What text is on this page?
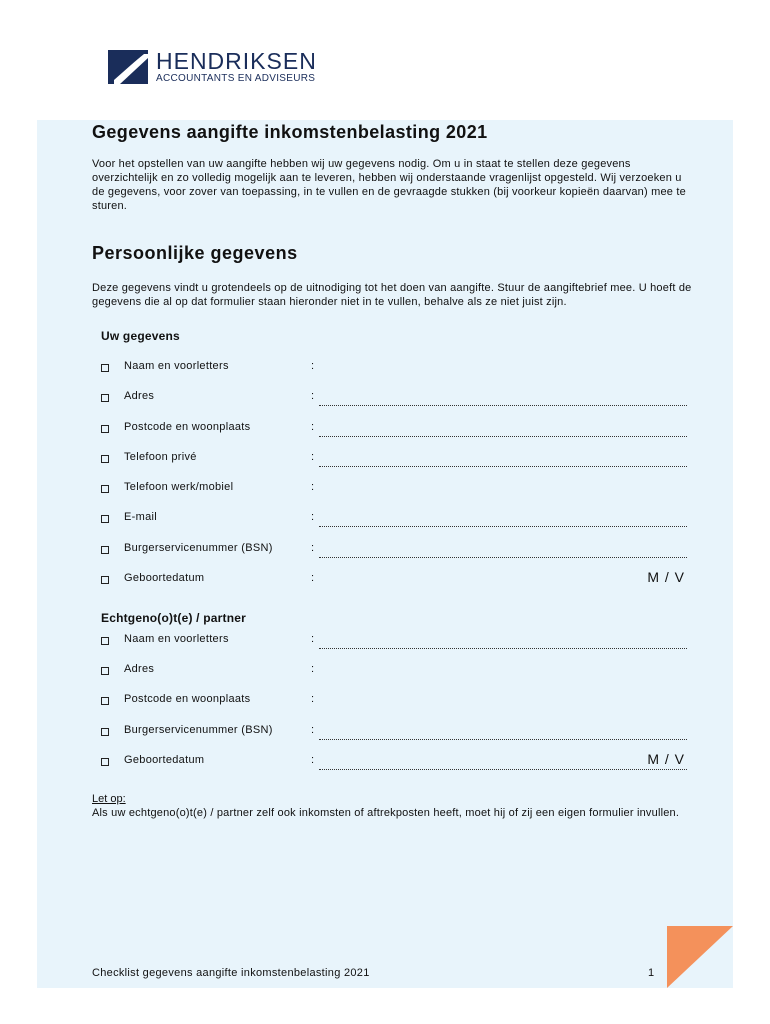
HENDRIKSEN
ACCOUNTANTS EN ADVISEURS
Gegevens aangifte inkomstenbelasting 2021

Voor het opstellen van uw aangifte hebben wij uw gegevens nodig. Om u in staat te stellen deze gegevens overzichtelijk en zo volledig mogelijk aan te leveren, hebben wij onderstaande vragenlijst opgesteld. Wij verzoeken u de gegevens, voor zover van toepassing, in te vullen en de gevraagde stukken (bij voorkeur kopieën daarvan) mee te sturen.

Persoonlijke gegevens

Deze gegevens vindt u grotendeels op de uitnodiging tot het doen van aangifte. Stuur de aangiftebrief mee. U hoeft de gegevens die al op dat formulier staan hieronder niet in te vullen, behalve als ze niet juist zijn.

Uw gegevens
Naam en voorletters	:
Adres	:
Postcode en woonplaats	:
Telefoon privé	:
Telefoon werk/mobiel	:
E-mail	:
Burgerservicenummer (BSN)	:
Geboortedatum	:	M / V
Echtgeno(o)t(e) / partner
Naam en voorletters	:
Adres	:
Postcode en woonplaats	:
Burgerservicenummer (BSN)	:
Geboortedatum	:	M / V

Let op:

Als uw echtgeno(o)t(e) / partner zelf ook inkomsten of aftrekposten heeft, moet hij of zij een eigen formulier invullen.

Checklist gegevens aangifte inkomstenbelasting 2021	1
